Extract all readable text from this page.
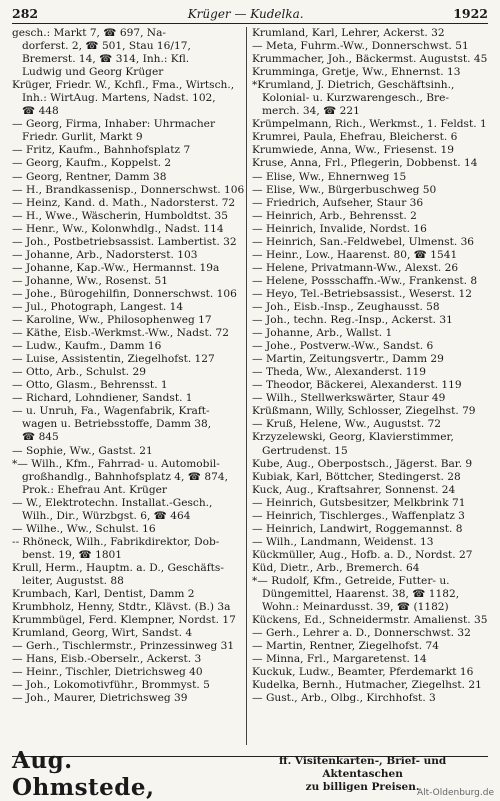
282	Krüger — Kudelka.	1922
gesch.: Markt 7, ☎ 697, Na-
dorferst. 2, ☎ 501, Stau 16/17,
Bremerst. 14, ☎ 314, Inh.: Kfl.
Ludwig und Georg Krüger
Krüger, Friedr. W., Kchfl., Fma., Wirtsch.,
Inh.: WirtAug. Martens, Nadst. 102,
☎ 448
— Georg, Firma, Inhaber: Uhrmacher
Friedr. Gurlit, Markt 9
— Fritz, Kaufm., Bahnhofsplatz 7
— Georg, Kaufm., Koppelst. 2
— Georg, Rentner, Damm 38
— H., Brandkassenisp., Donnerschwst. 106
— Heinz, Kand. d. Math., Nadorsterst. 72
— H., Wwe., Wäscherin, Humboldtst. 35
— Henr., Ww., Kolonwhdlg., Nadst. 114
— Joh., Postbetriebsassist. Lambertist. 32
— Johanne, Arb., Nadorsterst. 103
— Johanne, Kap.-Ww., Hermannst. 19a
— Johanne, Ww., Rosenst. 51
— Johe., Bürogehilfin, Donnerschwst. 106
— Jul., Photograph, Langest. 14
— Karoline, Ww., Philosophenweg 17
— Käthe, Eisb.-Werkmst.-Ww., Nadst. 72
— Ludw., Kaufm., Damm 16
— Luise, Assistentin, Ziegelhofst. 127
— Otto, Arb., Schulst. 29
— Otto, Glasm., Behrensst. 1
— Richard, Lohndiener, Sandst. 1
— u. Unruh, Fa., Wagenfabrik, Kraft-
wagen u. Betriebsstoffe, Damm 38,
☎ 845
— Sophie, Ww., Gastst. 21
*— Wilh., Kfm., Fahrrad- u. Automobil-
großhandlg., Bahnhofsplatz 4, ☎ 874,
Prok.: Ehefrau Ant. Krüger
— W., Elektrotechn. Installat.-Gesch.,
Wilh., Dir., Würzbgst. 6, ☎ 464
— Wilhe., Ww., Schulst. 16
-- Rhöneck, Wilh., Fabrikdirektor, Dob-
benst. 19, ☎ 1801
Krull, Herm., Hauptm. a. D., Geschäfts-
leiter, Augustst. 88
Krumbach, Karl, Dentist, Damm 2
Krumbholz, Henny, Stdtr., Klävst. (B.) 3a
Krummbügel, Ferd. Klempner, Nordst. 17
Krumland, Georg, Wirt, Sandst. 4
— Gerh., Tischlermstr., Prinzessinweg 31
— Hans, Eisb.-Oberselr., Ackerst. 3
— Heinr., Tischler, Dietrichsweg 40
— Joh., Lokomotivführ., Brommyst. 5
— Joh., Maurer, Dietrichsweg 39
Krumland, Karl, Lehrer, Ackerst. 32
— Meta, Fuhrm.-Ww., Donnerschwst. 51
Krummacher, Joh., Bäckermst. Augustst. 45
Krumminga, Gretje, Ww., Ehnernst. 13
*Krumland, J. Dietrich, Geschäftsinh.,
Kolonial- u. Kurzwarengesch., Bre-
merch. 34, ☎ 221
Krümpelmann, Rich., Werkmst., 1. Feldst. 1
Krumrei, Paula, Ehefrau, Bleicherst. 6
Krumwiede, Anna, Ww., Friesenst. 19
Kruse, Anna, Frl., Pflegerin, Dobbenst. 14
— Elise, Ww., Ehnernweg 15
— Elise, Ww., Bürgerbuschweg 50
— Friedrich, Aufseher, Staur 36
— Heinrich, Arb., Behrensst. 2
— Heinrich, Invalide, Nordst. 16
— Heinrich, San.-Feldwebel, Ulmenst. 36
— Heinr., Low., Haarenst. 80, ☎ 1541
— Helene, Privatmann-Ww., Alexst. 26
— Helene, Possschaffn.-Ww., Frankenst. 8
— Heyo, Tel.-Betriebsassist., Weserst. 12
— Joh., Eisb.-Insp., Zeughausst. 58
— Joh., techn. Reg.-Insp., Ackerst. 31
— Johanne, Arb., Wallst. 1
— Johe., Postverw.-Ww., Sandst. 6
— Martin, Zeitungsvertr., Damm 29
— Theda, Ww., Alexanderst. 119
— Theodor, Bäckerei, Alexanderst. 119
— Wilh., Stellwerkswärter, Staur 49
Krüßmann, Willy, Schlosser, Ziegelhst. 79
— Kruß, Helene, Ww., Augustst. 72
Krzyzelewski, Georg, Klavierstimmer,
Gertrudenst. 15
Kube, Aug., Oberpostsch., Jägerst. Bar. 9
Kubiak, Karl, Böttcher, Stedingerst. 28
Kuck, Aug., Kraftsahrer, Sonnenst. 24
— Heinrich, Gutsbesitzer, Melkbrink 71
— Heinrich, Tischlerges., Waffenplatz 3
— Heinrich, Landwirt, Roggemannst. 8
— Wilh., Landmann, Weidenst. 13
Kückmüller, Aug., Hofb. a. D., Nordst. 27
Küd, Dietr., Arb., Bremerch. 64
*— Rudolf, Kfm., Getreide, Futter- u.
Düngemittel, Haarenst. 38, ☎ 1182,
Wohn.: Meinardusst. 39, ☎ (1182)
Kückens, Ed., Schneidermstr. Amalienst. 35
— Gerh., Lehrer a. D., Donnerschwst. 32
— Martin, Rentner, Ziegelhofst. 74
— Minna, Frl., Margaretenst. 14
Kuckuk, Ludw., Beamter, Pferdemarkt 16
Kudelka, Bernh., Hutmacher, Ziegelhst. 21
— Gust., Arb., Olbg., Kirchhofst. 3
Aug. Ohmstede,
ff. Visitenkarten-, Brief- und Aktentaschen
zu billigen Preisen.
Alt-Oldenburg.de
